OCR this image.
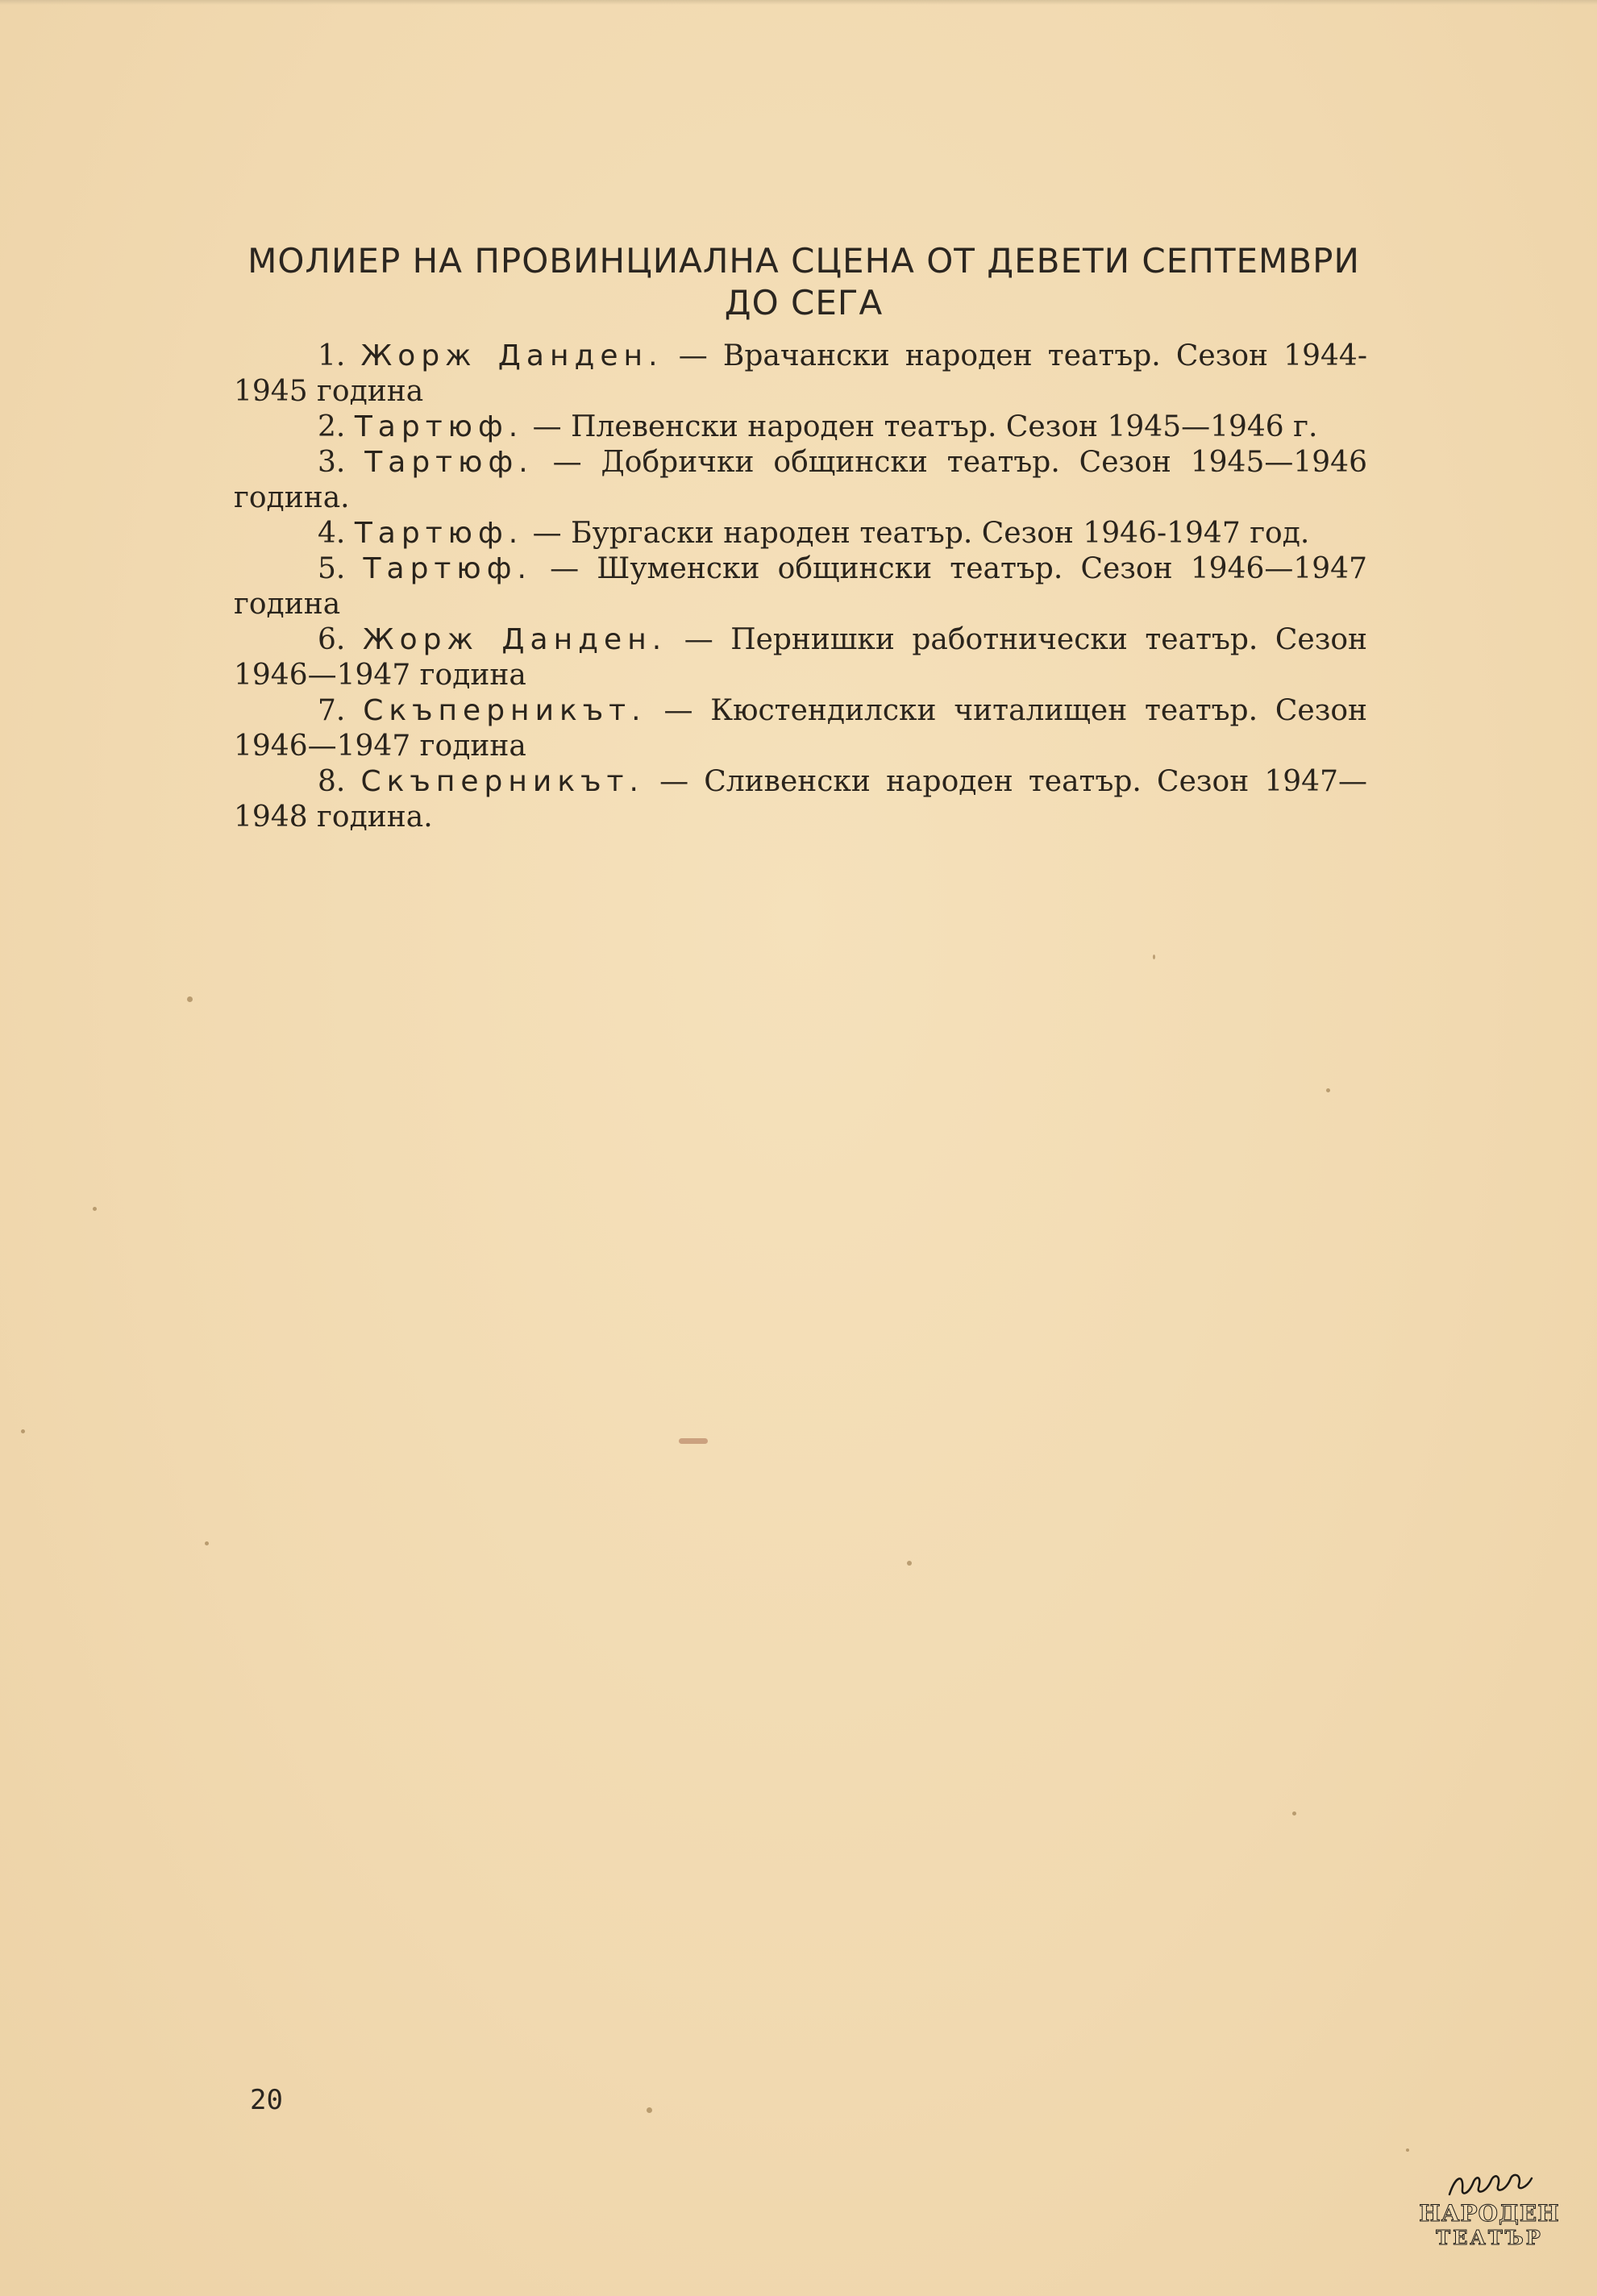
МОЛИЕР НА ПРОВИНЦИАЛНА СЦЕНА ОТ ДЕВЕТИ СЕПТЕМВРИ
ДО СЕГА

1. Жорж Данден. — Врачански народен театър. Сезон 1944-1945 година

2. Тартюф. — Плевенски народен театър. Сезон 1945—1946 г.

3. Тартюф. — Добрички общински театър. Сезон 1945—1946 година.

4. Тартюф. — Бургаски народен театър. Сезон 1946-1947 год.

5. Тартюф. — Шуменски общински театър. Сезон 1946—1947 година

6. Жорж Данден. — Пернишки работнически театър. Сезон 1946—1947 година

7. Скъперникът. — Кюстендилски читалищен театър. Сезон 1946—1947 година

8. Скъперникът. — Сливенски народен театър. Сезон 1947—1948 година.

20
НАРОДЕН
ТЕАТЪР
